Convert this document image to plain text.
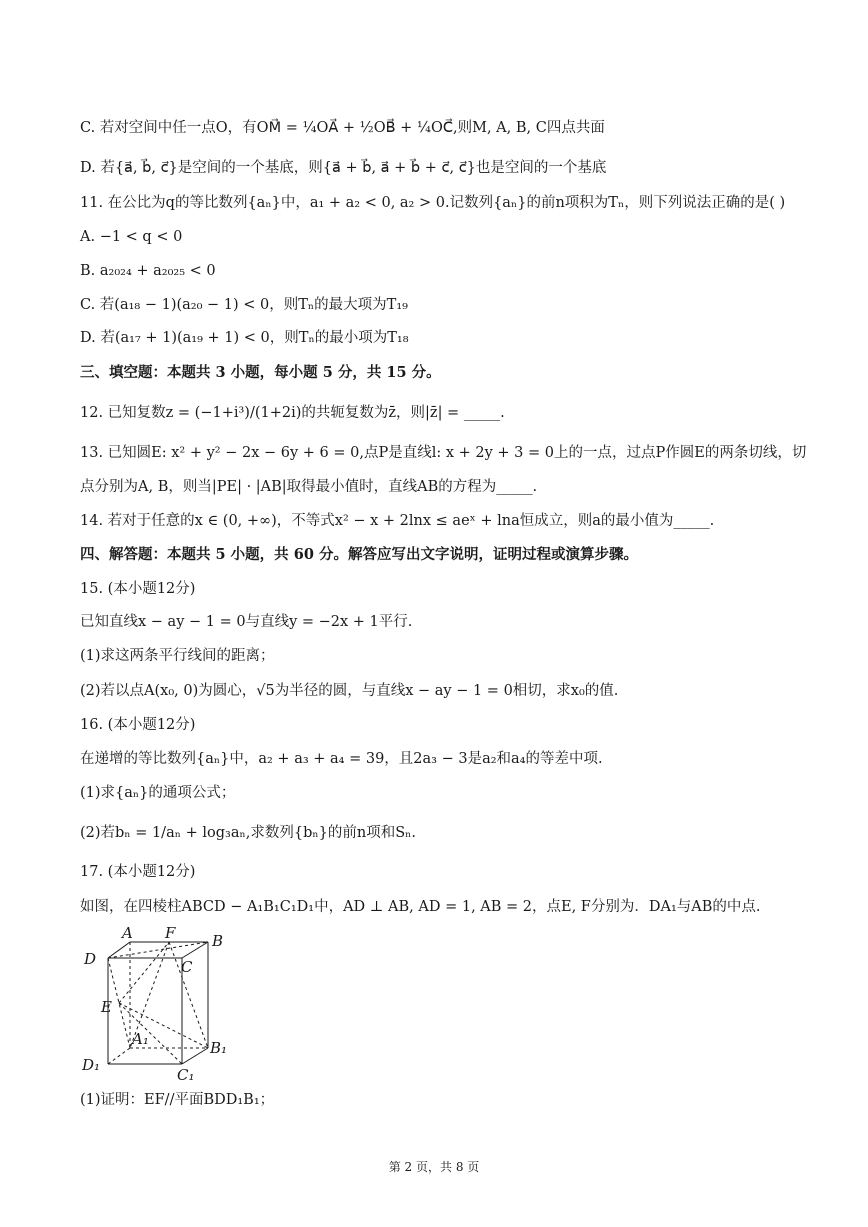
C. 若对空间中任一点O，有OM⃗ = ¼OA⃗ + ½OB⃗ + ¼OC⃗,则M, A, B, C四点共面
D. 若{a⃗, b⃗, c⃗}是空间的一个基底，则{a⃗ + b⃗, a⃗ + b⃗ + c⃗, c⃗}也是空间的一个基底
11. 在公比为q的等比数列{aₙ}中，a₁ + a₂ < 0, a₂ > 0.记数列{aₙ}的前n项积为Tₙ，则下列说法正确的是( )
A. −1 < q < 0
B. a₂₀₂₄ + a₂₀₂₅ < 0
C. 若(a₁₈ − 1)(a₂₀ − 1) < 0，则Tₙ的最大项为T₁₉
D. 若(a₁₇ + 1)(a₁₉ + 1) < 0，则Tₙ的最小项为T₁₈
三、填空题：本题共 3 小题，每小题 5 分，共 15 分。
12. 已知复数z = (−1+i³)/(1+2i)的共轭复数为z̄，则|z̄| = _____.
13. 已知圆E: x² + y² − 2x − 6y + 6 = 0,点P是直线l: x + 2y + 3 = 0上的一点，过点P作圆E的两条切线，切
点分别为A, B，则当|PE| · |AB|取得最小值时，直线AB的方程为_____.
14. 若对于任意的x ∈ (0, +∞)，不等式x² − x + 2lnx ≤ aeˣ + lna恒成立，则a的最小值为_____.
四、解答题：本题共 5 小题，共 60 分。解答应写出文字说明，证明过程或演算步骤。
15. (本小题12分)
已知直线x − ay − 1 = 0与直线y = −2x + 1平行.
(1)求这两条平行线间的距离；
(2)若以点A(x₀, 0)为圆心，√5为半径的圆，与直线x − ay − 1 = 0相切，求x₀的值.
16. (本小题12分)
在递增的等比数列{aₙ}中，a₂ + a₃ + a₄ = 39，且2a₃ − 3是a₂和a₄的等差中项.
(1)求{aₙ}的通项公式；
(2)若bₙ = 1/aₙ + log₃aₙ,求数列{bₙ}的前n项和Sₙ.
17. (本小题12分)
如图，在四棱柱ABCD − A₁B₁C₁D₁中，AD ⊥ AB, AD = 1, AB = 2，点E, F分别为．DA₁与AB的中点.
A F B
D	C
E
A₁	B₁
D₁
C₁
(1)证明：EF//平面BDD₁B₁；
第 2 页，共 8 页
